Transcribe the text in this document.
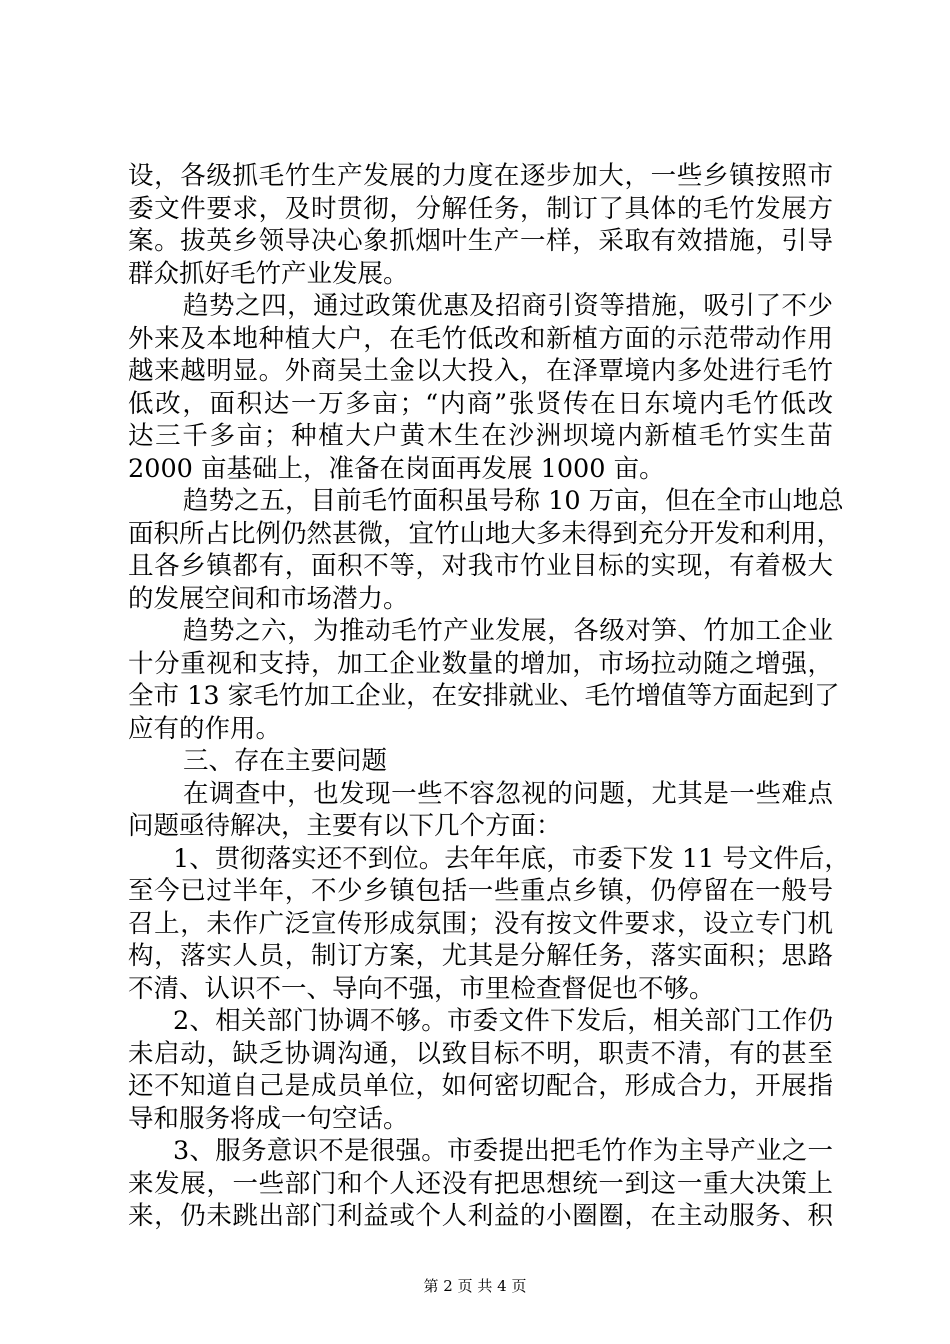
设，各级抓毛竹生产发展的力度在逐步加大，一些乡镇按照市
委文件要求，及时贯彻，分解任务，制订了具体的毛竹发展方
案。拔英乡领导决心象抓烟叶生产一样，采取有效措施，引导
群众抓好毛竹产业发展。
趋势之四，通过政策优惠及招商引资等措施，吸引了不少
外来及本地种植大户，在毛竹低改和新植方面的示范带动作用
越来越明显。外商吴土金以大投入，在泽覃境内多处进行毛竹
低改，面积达一万多亩；“内商”张贤传在日东境内毛竹低改
达三千多亩；种植大户黄木生在沙洲坝境内新植毛竹实生苗
2000 亩基础上，准备在岗面再发展 1000 亩。
趋势之五，目前毛竹面积虽号称 10 万亩，但在全市山地总
面积所占比例仍然甚微，宜竹山地大多未得到充分开发和利用，
且各乡镇都有，面积不等，对我市竹业目标的实现，有着极大
的发展空间和市场潜力。
趋势之六，为推动毛竹产业发展，各级对笋、竹加工企业
十分重视和支持，加工企业数量的增加，市场拉动随之增强，
全市 13 家毛竹加工企业，在安排就业、毛竹增值等方面起到了
应有的作用。
三、存在主要问题
在调查中，也发现一些不容忽视的问题，尤其是一些难点
问题亟待解决，主要有以下几个方面：
1、贯彻落实还不到位。去年年底，市委下发 11 号文件后，
至今已过半年，不少乡镇包括一些重点乡镇，仍停留在一般号
召上，未作广泛宣传形成氛围；没有按文件要求，设立专门机
构，落实人员，制订方案，尤其是分解任务，落实面积；思路
不清、认识不一、导向不强，市里检查督促也不够。
2、相关部门协调不够。市委文件下发后，相关部门工作仍
未启动，缺乏协调沟通，以致目标不明，职责不清，有的甚至
还不知道自己是成员单位，如何密切配合，形成合力，开展指
导和服务将成一句空话。
3、服务意识不是很强。市委提出把毛竹作为主导产业之一
来发展，一些部门和个人还没有把思想统一到这一重大决策上
来，仍未跳出部门利益或个人利益的小圈圈，在主动服务、积
第 2 页 共 4 页
